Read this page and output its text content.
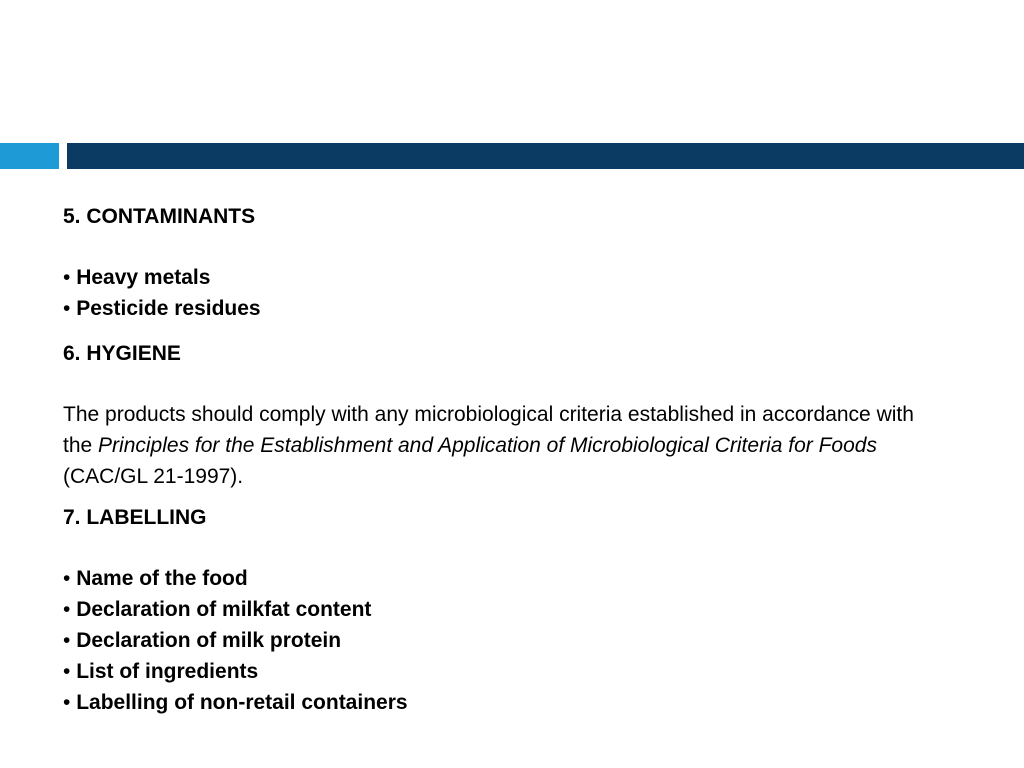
5. CONTAMINANTS
• Heavy metals
• Pesticide residues
6. HYGIENE
The products should comply with any microbiological criteria established in accordance with the Principles for the Establishment and Application of Microbiological Criteria for Foods (CAC/GL 21-1997).
7. LABELLING
• Name of the food
• Declaration of milkfat content
• Declaration of milk protein
• List of ingredients
• Labelling of non-retail containers
